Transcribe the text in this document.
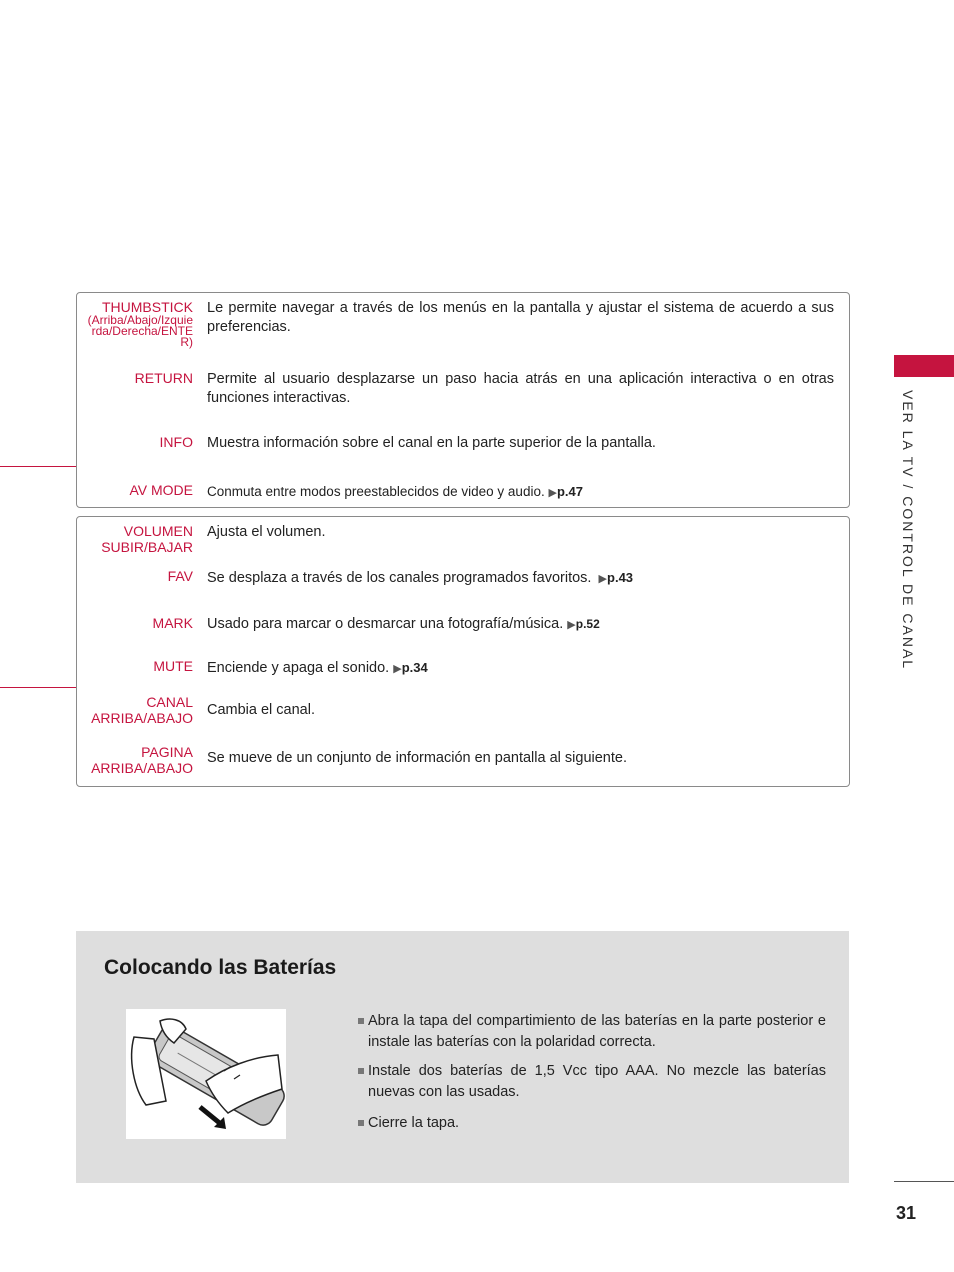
VER LA TV / CONTROL DE CANAL
THUMBSTICK
(Arriba/Abajo/Izquierda/Derecha/ENTER)
Le permite navegar a través de los menús en la pantalla y ajustar el sistema de acuerdo a sus preferencias.
RETURN Permite al usuario desplazarse un paso hacia atrás en una aplicación interactiva o en otras funciones interactivas.
INFO Muestra información sobre el canal en la parte superior de la pantalla.
AV MODE Conmuta entre modos preestablecidos de video y audio. ▶p.47
VOLUMEN SUBIR/BAJAR
Ajusta el volumen.
FAV Se desplaza a través de los canales programados favoritos.  ▶p.43
MARK Usado para marcar o desmarcar una fotografía/música. ▶p.52
MUTE Enciende y apaga el sonido. ▶p.34
CANAL ARRIBA/ABAJO Cambia el canal.
PAGINA ARRIBA/ABAJO
Se mueve de un conjunto de información en pantalla al siguiente.
Colocando las Baterías
Abra la tapa del compartimiento de las baterías en la parte posterior e instale las baterías con la polaridad correcta.
Instale dos baterías de 1,5 Vcc tipo AAA. No mezcle las baterías nuevas con las usadas.
Cierre la tapa.
31
